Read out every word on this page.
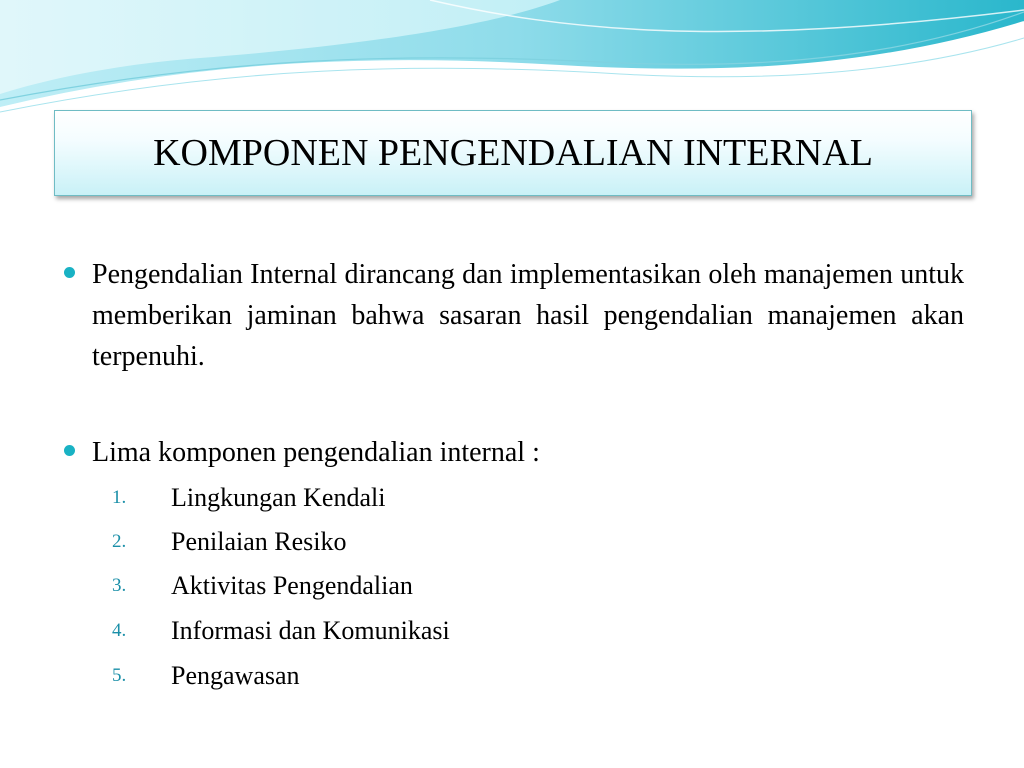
KOMPONEN PENGENDALIAN INTERNAL
Pengendalian Internal dirancang dan implementasikan oleh manajemen untuk memberikan jaminan bahwa sasaran hasil pengendalian manajemen akan terpenuhi.
Lima komponen pengendalian internal :
1. Lingkungan Kendali
2. Penilaian Resiko
3. Aktivitas Pengendalian
4. Informasi dan Komunikasi
5. Pengawasan
